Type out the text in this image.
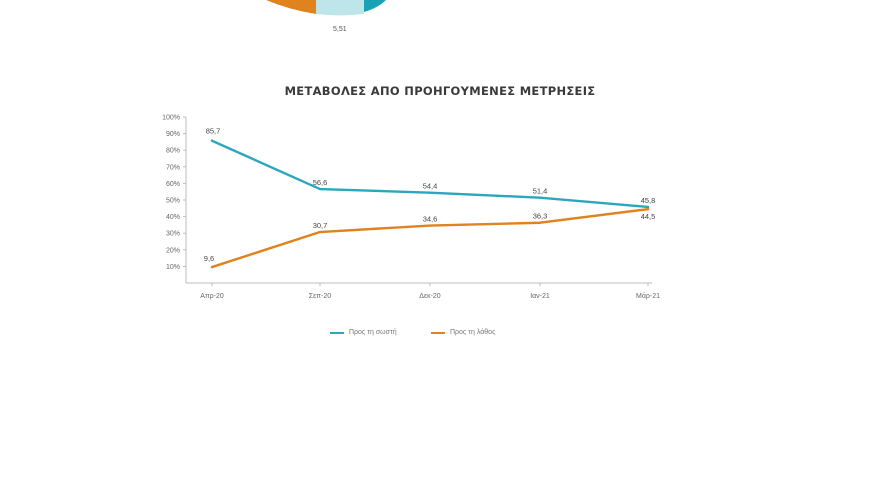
5,51
ΜΕΤΑΒΟΛΕΣ ΑΠΟ ΠΡΟΗΓΟΥΜΕΝΕΣ ΜΕΤΡΗΣΕΙΣ
100%
90%
80%
70%
60%
50%
40%
30%
20%
10%
Απρ-20	Σεπ-20	Δεκ-20	Ιαν-21	Μάρ-21
85,7
56,6	54,4
51,4
45,8
9,6
30,7
34,6	36,3	44,5
Προς τη σωστή	Προς τη λάθος
